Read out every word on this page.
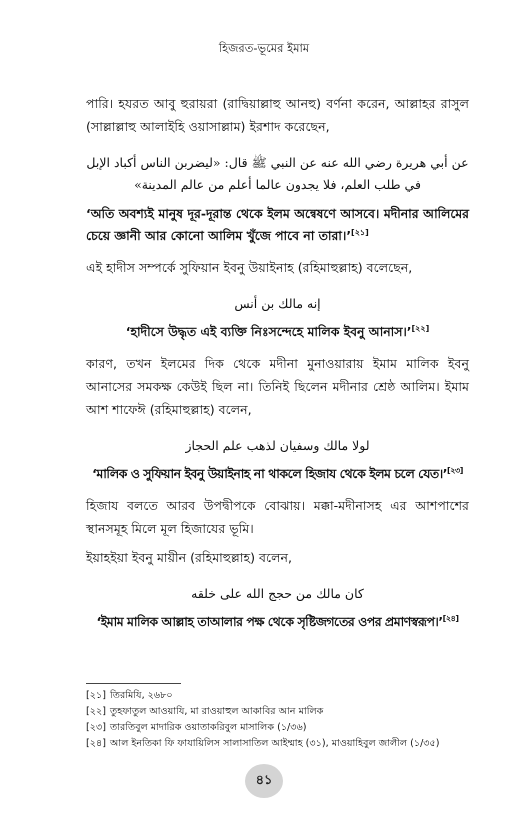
হিজরত-ভূমের ইমাম

পারি। হযরত আবু হুরায়রা (রাদ্বিয়াল্লাহু আনহু) বর্ণনা করেন, আল্লাহর রাসুল (সাল্লাল্লাহু আলাইহি ওয়াসাল্লাম) ইরশাদ করেছেন,

عن أبي هريرة رضي الله عنه عن النبي ﷺ قال: «ليضربن الناس أكباد الإبل

في طلب العلم، فلا يجدون عالما أعلم من عالم المدينة»

‘অতি অবশ্যই মানুষ দূর-দূরান্ত থেকে ইলম অন্বেষণে আসবে। মদীনার আলিমের চেয়ে জ্ঞানী আর কোনো আলিম খুঁজে পাবে না তারা।’[২১]

এই হাদীস সম্পর্কে সুফিয়ান ইবনু উয়াইনাহ (রহিমাহুল্লাহ) বলেছেন,

إنه مالك بن أنس

‘হাদীসে উদ্ধৃত এই ব্যক্তি নিঃসন্দেহে মালিক ইবনু আনাস।’[২২]

কারণ, তখন ইলমের দিক থেকে মদীনা মুনাওয়ারায় ইমাম মালিক ইবনু আনাসের সমকক্ষ কেউই ছিল না। তিনিই ছিলেন মদীনার শ্রেষ্ঠ আলিম। ইমাম আশ শাফেঈ (রহিমাহুল্লাহ) বলেন,

لولا مالك وسفيان لذهب علم الحجاز

‘মালিক ও সুফিয়ান ইবনু উয়াইনাহ না থাকলে হিজায থেকে ইলম চলে যেত।’[২৩]

হিজায বলতে আরব উপদ্বীপকে বোঝায়। মক্কা-মদীনাসহ এর আশপাশের স্থানসমূহ মিলে মূল হিজাযের ভূমি।

ইয়াহইয়া ইবনু মায়ীন (রহিমাহুল্লাহ) বলেন,

كان مالك من حجج الله على خلقه

‘ইমাম মালিক আল্লাহ তাআলার পক্ষ থেকে সৃষ্টিজগতের ওপর প্রমাণস্বরূপ।’[২৪]

[২১] তিরমিযি, ২৬৮০
[২২] তুহফাতুল আওয়াযি, মা রাওয়াহুল আকাবির আন মালিক
[২৩] তারতিবুল মাদারিক ওয়াতাকরিবুল মাসালিক (১/৩৬)
[২৪] আল ইনতিকা ফি ফাযায়িলিস সালাসাতিল আইম্মাহ (৩১), মাওয়াহিবুল জালীল (১/৩৫)
৪১
